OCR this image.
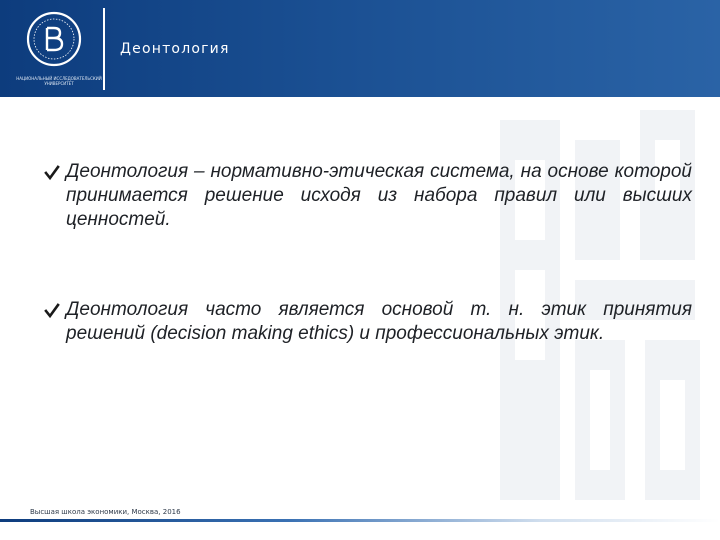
НАЦИОНАЛЬНЫЙ ИССЛЕДОВАТЕЛЬСКИЙ УНИВЕРСИТЕТ
Деонтология
Деонтология – нормативно-этическая система, на основе которой принимается решение исходя из набора правил или высших ценностей.
Деонтология часто является основой т. н. этик принятия решений (decision making ethics) и профессиональных этик.
Высшая школа экономики, Москва, 2016
